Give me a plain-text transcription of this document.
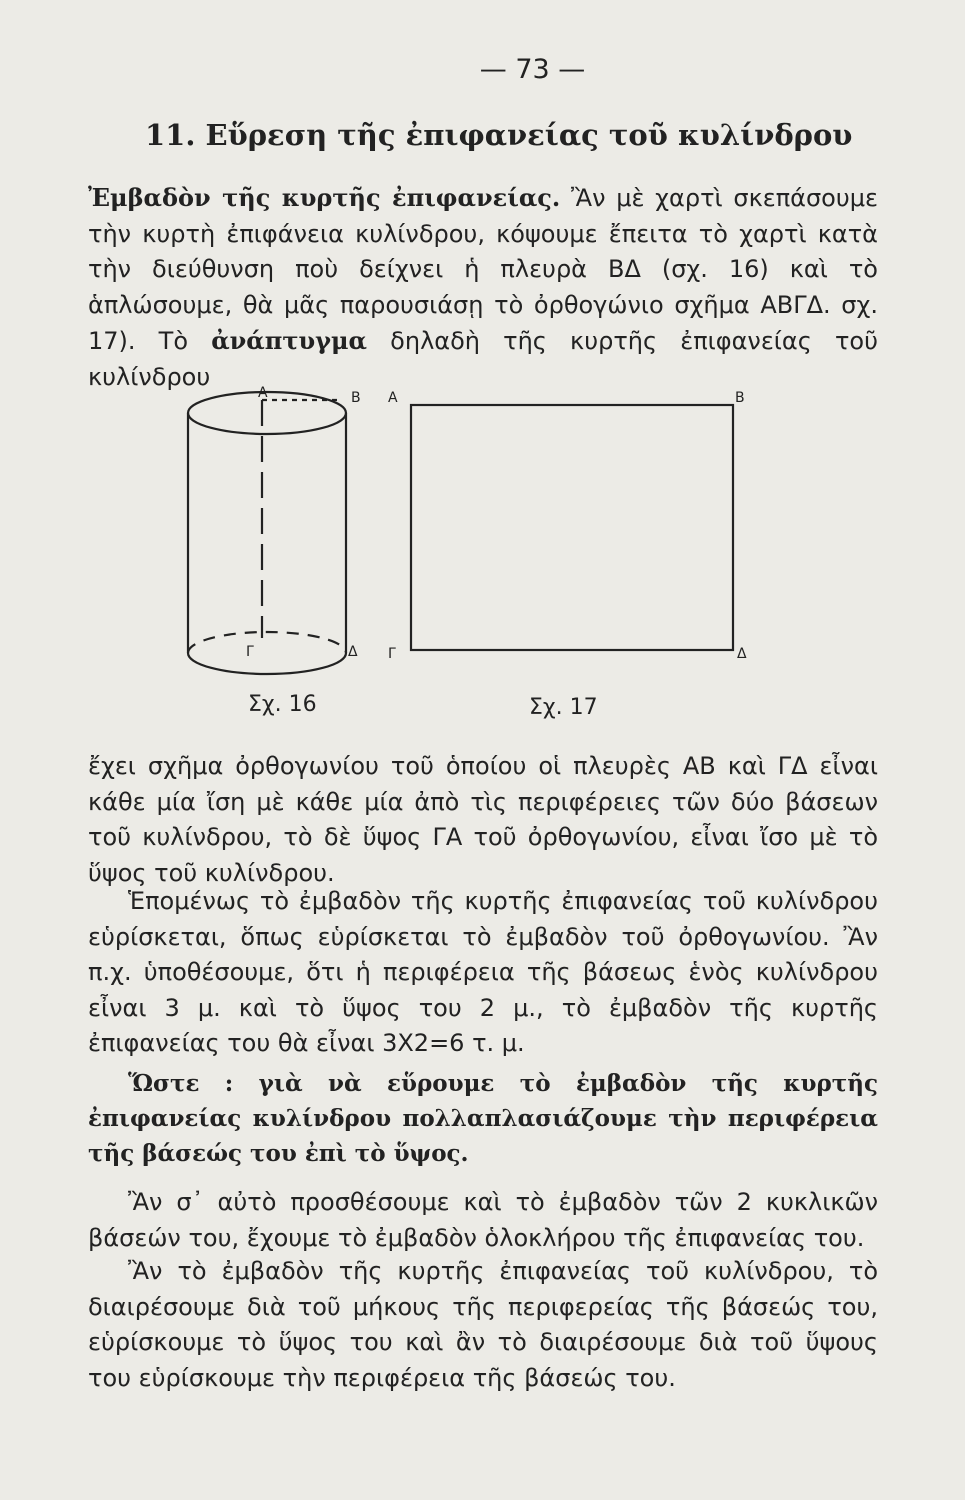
— 73 —
11. Εὕρεση τῆς ἐπιφανείας τοῦ κυλίνδρου
Ἐμβαδὸν τῆς κυρτῆς ἐπιφανείας. Ἂν μὲ χαρτὶ σκεπάσουμε τὴν κυρτὴ ἐπιφάνεια κυλίνδρου, κόψουμε ἔπειτα τὸ χαρτὶ κατὰ τὴν διεύθυνση ποὺ δείχνει ἡ πλευρὰ ΒΔ (σχ. 16) καὶ τὸ ἁπλώσουμε, θὰ μᾶς παρουσιάσῃ τὸ ὀρθογώνιο σχῆμα ΑΒΓΔ. σχ. 17). Τὸ ἀνάπτυγμα δηλαδὴ τῆς κυρτῆς ἐπιφανείας τοῦ κυλίνδρου
Α	Β
Γ	Δ
Α	Β
Γ	Δ
Σχ. 16	Σχ. 17
ἔχει σχῆμα ὀρθογωνίου τοῦ ὁποίου οἱ πλευρὲς ΑΒ καὶ ΓΔ εἶναι κάθε μία ἴση μὲ κάθε μία ἀπὸ τὶς περιφέρειες τῶν δύο βάσεων τοῦ κυλίνδρου, τὸ δὲ ὕψος ΓΑ τοῦ ὀρθογωνίου, εἶναι ἴσο μὲ τὸ ὕψος τοῦ κυλίνδρου.
Ἑπομένως τὸ ἐμβαδὸν τῆς κυρτῆς ἐπιφανείας τοῦ κυλίνδρου εὑρίσκεται, ὅπως εὑρίσκεται τὸ ἐμβαδὸν τοῦ ὀρθογωνίου. Ἂν π.χ. ὑποθέσουμε, ὅτι ἡ περιφέρεια τῆς βάσεως ἑνὸς κυλίνδρου εἶναι 3 μ. καὶ τὸ ὕψος του 2 μ., τὸ ἐμβαδὸν τῆς κυρτῆς ἐπιφανείας του θὰ εἶναι 3X2=6 τ. μ.
Ὥστε : γιὰ νὰ εὕρουμε τὸ ἐμβαδὸν τῆς κυρτῆς ἐπιφανείας κυλίνδρου πολλαπλασιάζουμε τὴν περιφέρεια τῆς βάσεώς του ἐπὶ τὸ ὕψος.
Ἂν σ᾽ αὐτὸ προσθέσουμε καὶ τὸ ἐμβαδὸν τῶν 2 κυκλικῶν βάσεών του, ἔχουμε τὸ ἐμβαδὸν ὁλοκλήρου τῆς ἐπιφανείας του.
Ἂν τὸ ἐμβαδὸν τῆς κυρτῆς ἐπιφανείας τοῦ κυλίνδρου, τὸ διαιρέσουμε διὰ τοῦ μήκους τῆς περιφερείας τῆς βάσεώς του, εὑρίσκουμε τὸ ὕψος του καὶ ἂν τὸ διαιρέσουμε διὰ τοῦ ὕψους του εὑρίσκουμε τὴν περιφέρεια τῆς βάσεώς του.
